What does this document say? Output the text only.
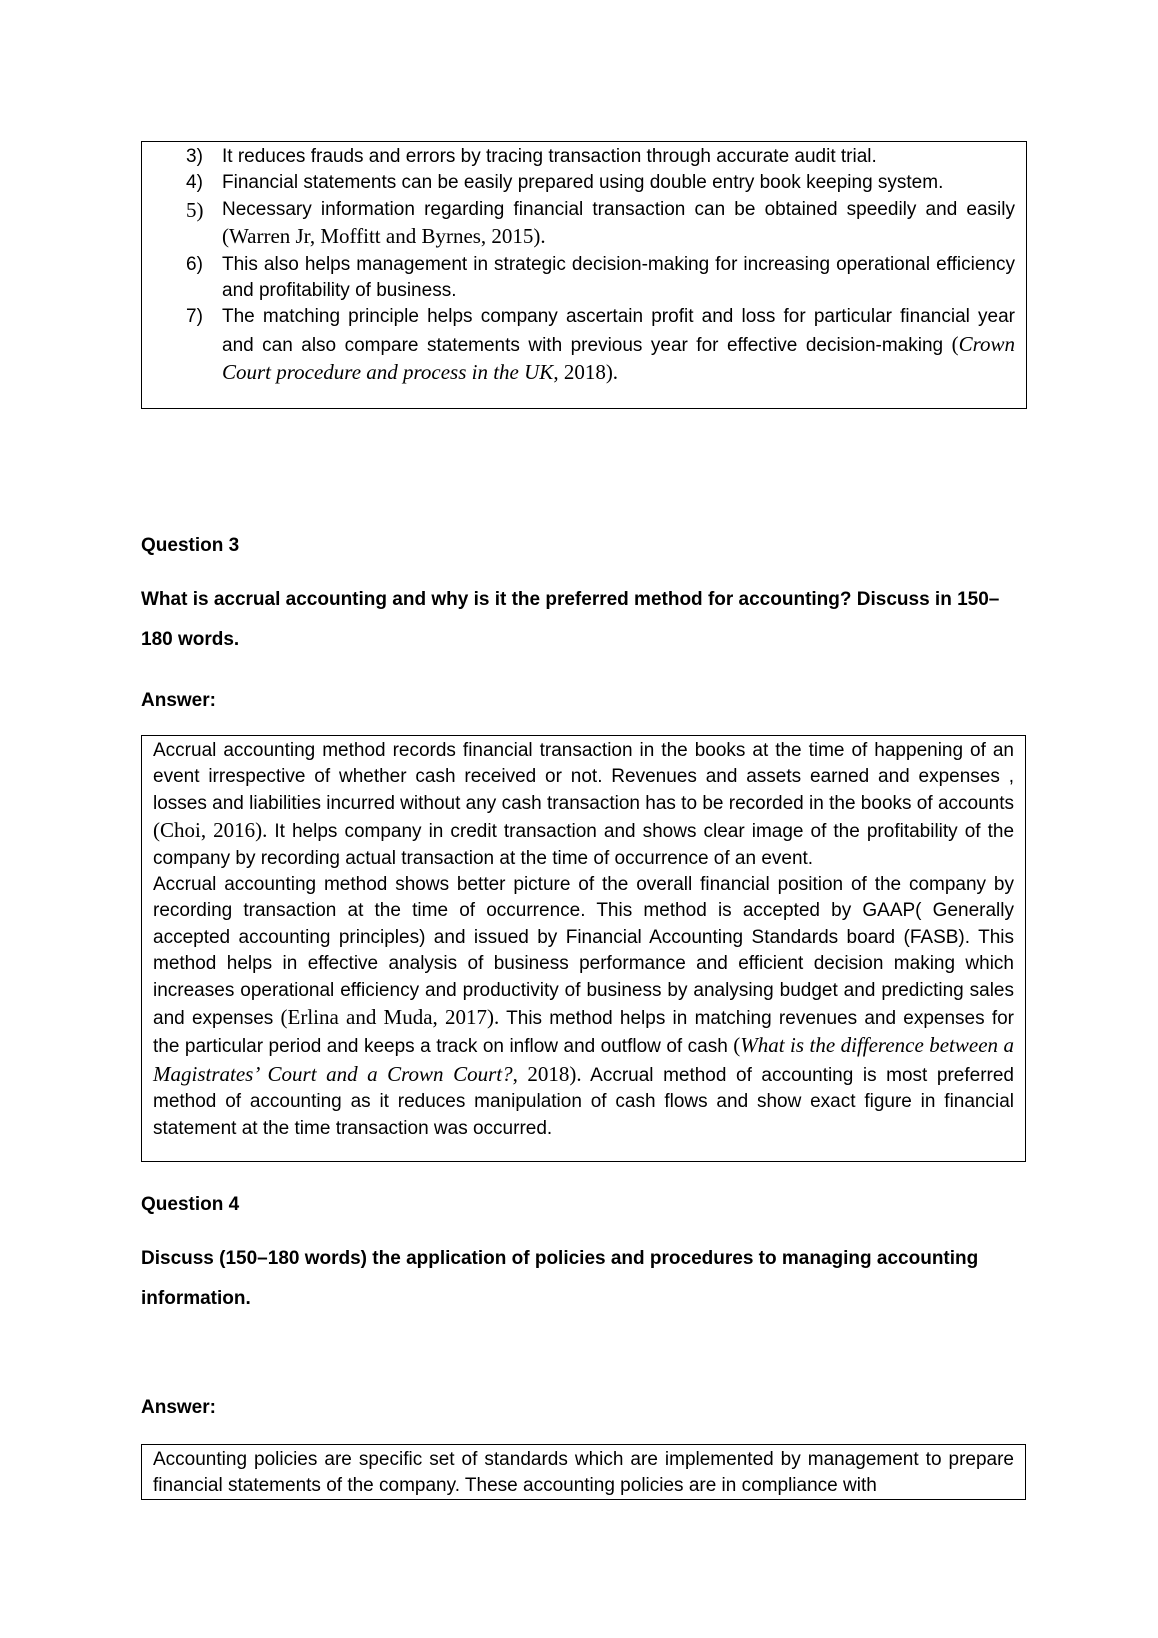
3)	It reduces frauds and errors by tracing transaction through accurate audit trial.
4)	Financial statements can be easily prepared using double entry book keeping system.
5) Necessary information regarding financial transaction can be obtained speedily and easily (Warren Jr, Moffitt and Byrnes, 2015).
6)	This also helps management in strategic decision-making for increasing operational efficiency and profitability of business.
7)	The matching principle helps company ascertain profit and loss for particular financial year and can also compare statements with previous year for effective decision-making (Crown Court procedure and process in the UK, 2018).
Question 3
What is accrual accounting and why is it the preferred method for accounting? Discuss in 150–180 words.
Answer:
Accrual accounting method records financial transaction in the books at the time of happening of an event irrespective of whether cash received or not. Revenues and assets earned and expenses , losses and liabilities incurred without any cash transaction has to be recorded in the books of accounts (Choi, 2016). It helps company in credit transaction and shows clear image of the profitability of the company by recording actual transaction at the time of occurrence of an event.
Accrual accounting method shows better picture of the overall financial position of the company by recording transaction at the time of occurrence. This method is accepted by GAAP( Generally accepted accounting principles) and issued by Financial Accounting Standards board (FASB). This method helps in effective analysis of business performance and efficient decision making which increases operational efficiency and productivity of business by analysing budget and predicting sales and expenses (Erlina and Muda, 2017). This method helps in matching revenues and expenses for the particular period and keeps a track on inflow and outflow of cash (What is the difference between a Magistrates’ Court and a Crown Court?, 2018). Accrual method of accounting is most preferred method of accounting as it reduces manipulation of cash flows and show exact figure in financial statement at the time transaction was occurred.
Question 4
Discuss (150–180 words) the application of policies and procedures to managing accounting information.
Answer:
Accounting policies are specific set of standards which are implemented by management to prepare financial statements of the company. These accounting policies are in compliance with
